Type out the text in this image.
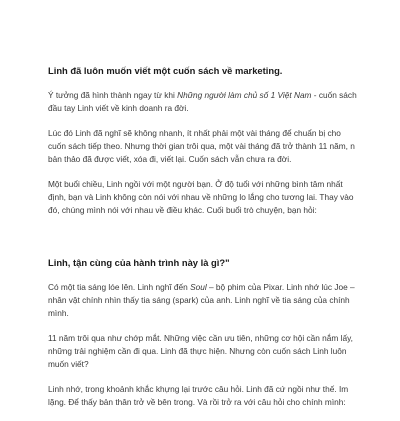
Linh đã luôn muốn viết một cuốn sách về marketing.

Ý tưởng đã hình thành ngay từ khi Những người làm chủ số 1 Việt Nam - cuốn sách đầu tay Linh viết về kinh doanh ra đời.

Lúc đó Linh đã nghĩ sẽ không nhanh, ít nhất phải một vài tháng để chuẩn bị cho cuốn sách tiếp theo. Nhưng thời gian trôi qua, một vài tháng đã trở thành 11 năm, n bản thảo đã được viết, xóa đi, viết lại. Cuốn sách vẫn chưa ra đời.

Một buổi chiều, Linh ngồi với một người bạn. Ở độ tuổi với những bình tâm nhất định, bạn và Linh không còn nói với nhau về những lo lắng cho tương lai. Thay vào đó, chúng mình nói với nhau về điều khác. Cuối buổi trò chuyện, bạn hỏi:

Linh, tận cùng của hành trình này là gì?"

Có một tia sáng lóe lên. Linh nghĩ đến Soul – bộ phim của Pixar. Linh nhớ lúc Joe – nhân vật chính nhìn thấy tia sáng (spark) của anh. Linh nghĩ về tia sáng của chính mình.

11 năm trôi qua như chớp mắt. Những việc cần ưu tiên, những cơ hội cần nắm lấy, những trải nghiệm cần đi qua. Linh đã thực hiện. Nhưng còn cuốn sách Linh luôn muốn viết?

Linh nhớ, trong khoảnh khắc khựng lại trước câu hỏi. Linh đã cứ ngồi như thế. Im lặng. Để thấy bản thân trở về bên trong. Và rồi trở ra với câu hỏi cho chính mình:
